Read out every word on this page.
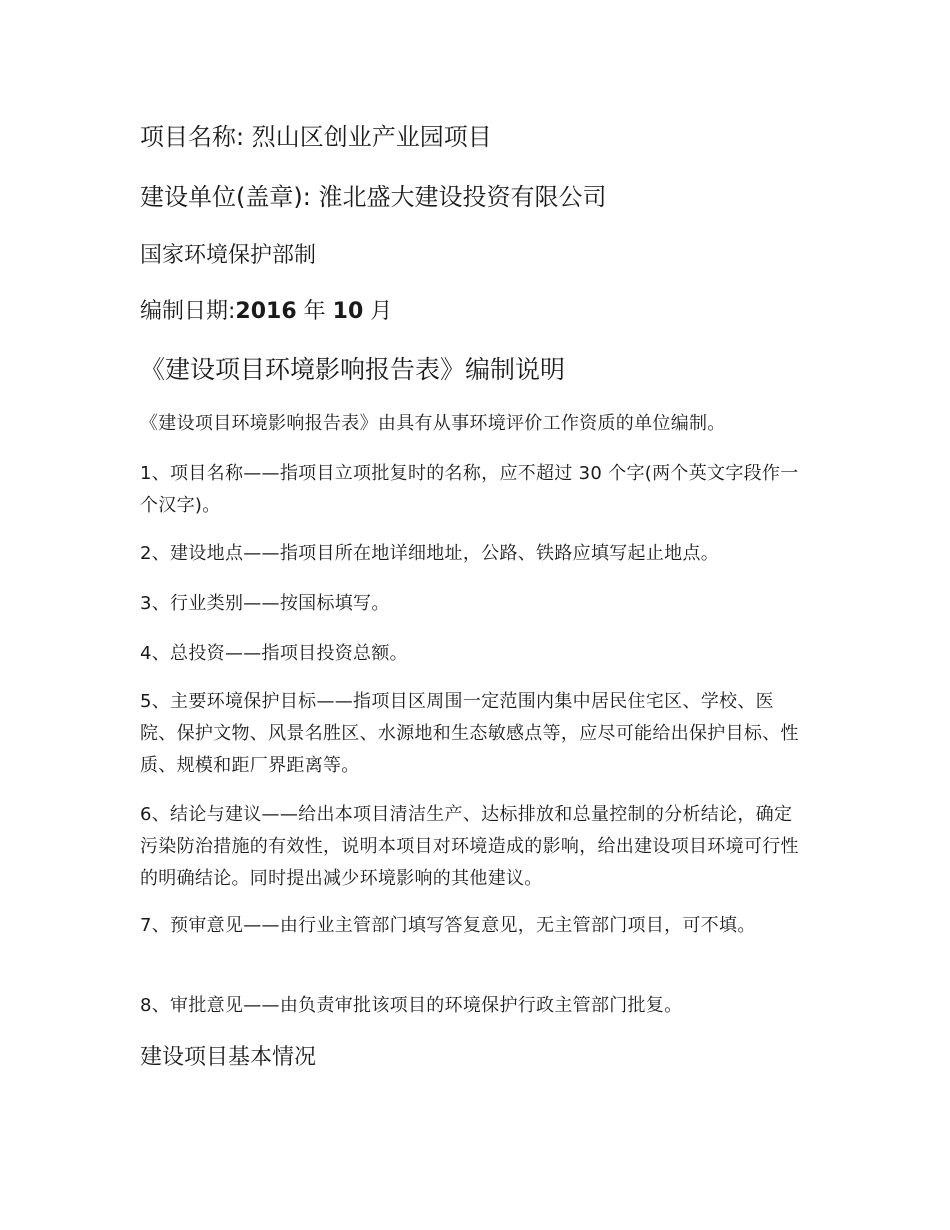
项目名称: 烈山区创业产业园项目

建设单位(盖章): 淮北盛大建设投资有限公司

国家环境保护部制

编制日期:2016 年 10 月

《建设项目环境影响报告表》编制说明

《建设项目环境影响报告表》由具有从事环境评价工作资质的单位编制。

1、项目名称——指项目立项批复时的名称，应不超过 30 个字(两个英文字段作一个汉字)。

2、建设地点——指项目所在地详细地址，公路、铁路应填写起止地点。

3、行业类别——按国标填写。

4、总投资——指项目投资总额。

5、主要环境保护目标——指项目区周围一定范围内集中居民住宅区、学校、医院、保护文物、风景名胜区、水源地和生态敏感点等，应尽可能给出保护目标、性质、规模和距厂界距离等。

6、结论与建议——给出本项目清洁生产、达标排放和总量控制的分析结论，确定污染防治措施的有效性，说明本项目对环境造成的影响，给出建设项目环境可行性的明确结论。同时提出减少环境影响的其他建议。

7、预审意见——由行业主管部门填写答复意见，无主管部门项目，可不填。

8、审批意见——由负责审批该项目的环境保护行政主管部门批复。

建设项目基本情况
